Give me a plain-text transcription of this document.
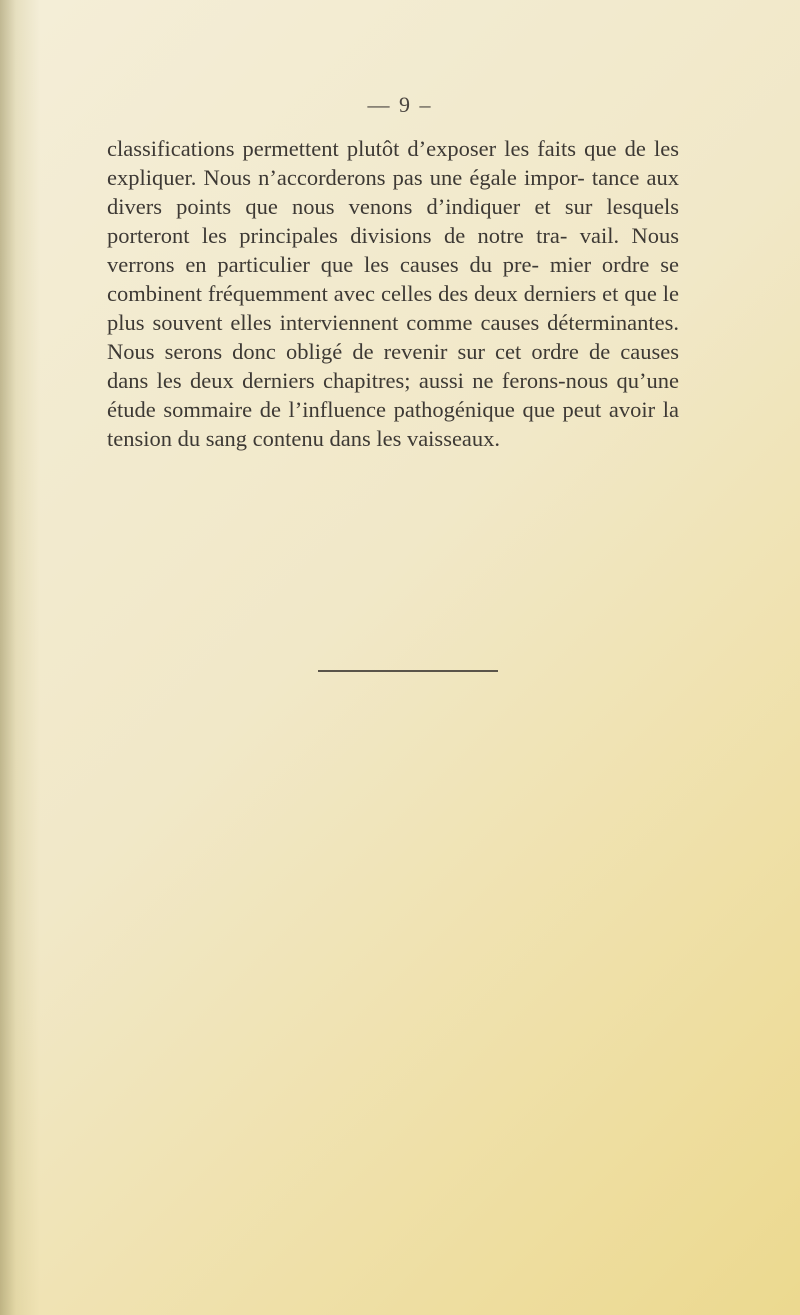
— 9 –

classifications permettent plutôt d’exposer les faits que de les expliquer. Nous n’accorderons pas une égale impor- tance aux divers points que nous venons d’indiquer et sur lesquels porteront les principales divisions de notre tra- vail. Nous verrons en particulier que les causes du pre- mier ordre se combinent fréquemment avec celles des deux derniers et que le plus souvent elles interviennent comme causes déterminantes. Nous serons donc obligé de revenir sur cet ordre de causes dans les deux derniers chapitres; aussi ne ferons-nous qu’une étude sommaire de l’influence pathogénique que peut avoir la tension du sang contenu dans les vaisseaux.
